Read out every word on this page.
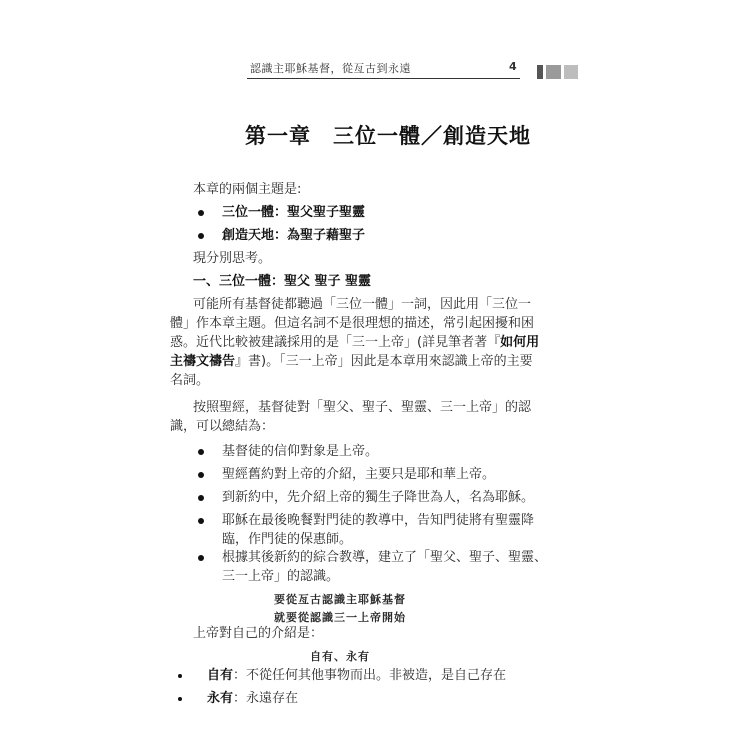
認識主耶穌基督，從亙古到永遠	4
第一章　三位一體／創造天地
本章的兩個主題是:
三位一體：聖父聖子聖靈
創造天地：為聖子藉聖子
現分別思考。
一、三位一體：聖父 聖子 聖靈
可能所有基督徒都聽過「三位一體」一詞，因此用「三位一
體」作本章主題。但這名詞不是很理想的描述，常引起困擾和困
惑。近代比較被建議採用的是「三一上帝」(詳見筆者著『如何用
主禱文禱告』書)。「三一上帝」因此是本章用來認識上帝的主要
名詞。
按照聖經，基督徒對「聖父、聖子、聖靈、三一上帝」的認
識，可以總結為：
基督徒的信仰對象是上帝。
聖經舊約對上帝的介紹，主要只是耶和華上帝。
到新約中，先介紹上帝的獨生子降世為人，名為耶穌。
耶穌在最後晚餐對門徒的教導中，告知門徒將有聖靈降
臨，作門徒的保惠師。
根據其後新約的綜合教導，建立了「聖父、聖子、聖靈、
三一上帝」的認識。
要從亙古認識主耶穌基督
就要從認識三一上帝開始
上帝對自己的介紹是：
自有、永有
自有：不從任何其他事物而出。非被造，是自己存在
永有：永遠存在
